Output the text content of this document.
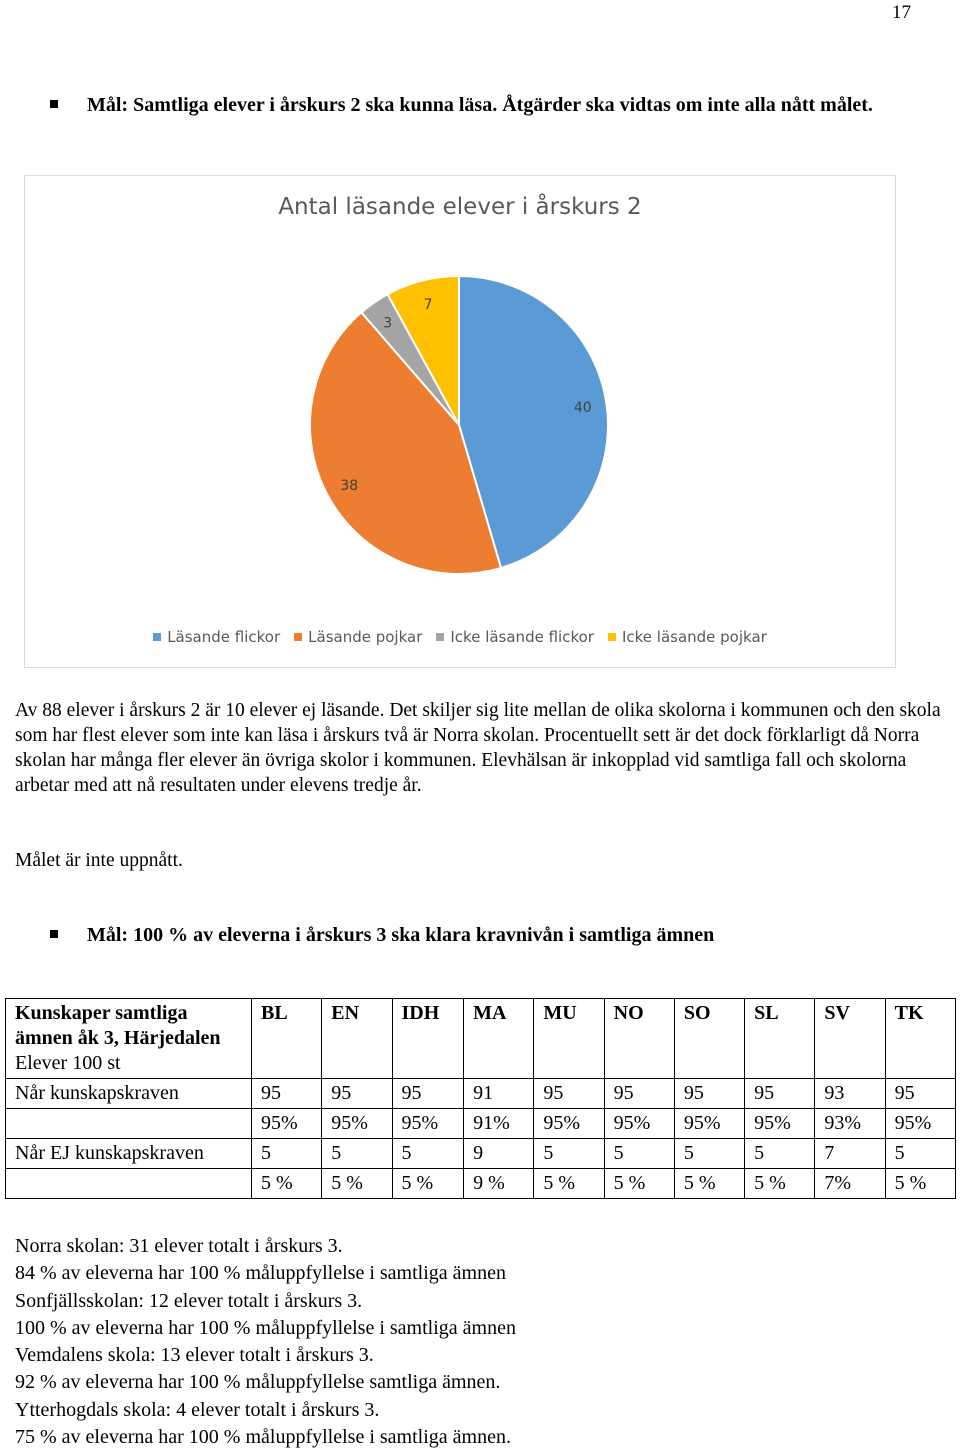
17
Mål: Samtliga elever i årskurs 2 ska kunna läsa. Åtgärder ska vidtas om inte alla nått målet.
Antal läsande elever i årskurs 2
40
38
3
7
Läsande flickor Läsande pojkar Icke läsande flickor Icke läsande pojkar
Av 88 elever i årskurs 2 är 10 elever ej läsande. Det skiljer sig lite mellan de olika skolorna i kommunen och den skola som har flest elever som inte kan läsa i årskurs två är Norra skolan. Procentuellt sett är det dock förklarligt då Norra skolan har många fler elever än övriga skolor i kommunen. Elevhälsan är inkopplad vid samtliga fall och skolorna arbetar med att nå resultaten under elevens tredje år.
Målet är inte uppnått.
Mål: 100 % av eleverna i årskurs 3 ska klara kravnivån i samtliga ämnen
Kunskaper samtliga ämnen åk 3, Härjedalen
Elever 100 st	BL	EN	IDH	MA	MU	NO	SO	SL	SV	TK
Når kunskapskraven	95	95	95	91	95	95	95	95	93	95
	95%	95%	95%	91%	95%	95%	95%	95%	93%	95%
Når EJ kunskapskraven	5	5	5	9	5	5	5	5	7	5
	5 %	5 %	5 %	9 %	5 %	5 %	5 %	5 %	7%	5 %
Norra skolan: 31 elever totalt i årskurs 3.
84 % av eleverna har 100 % måluppfyllelse i samtliga ämnen
Sonfjällsskolan: 12 elever totalt i årskurs 3.
100 % av eleverna har 100 % måluppfyllelse i samtliga ämnen
Vemdalens skola: 13 elever totalt i årskurs 3.
92 % av eleverna har 100 % måluppfyllelse samtliga ämnen.
Ytterhogdals skola: 4 elever totalt i årskurs 3.
75 % av eleverna har 100 % måluppfyllelse i samtliga ämnen.
